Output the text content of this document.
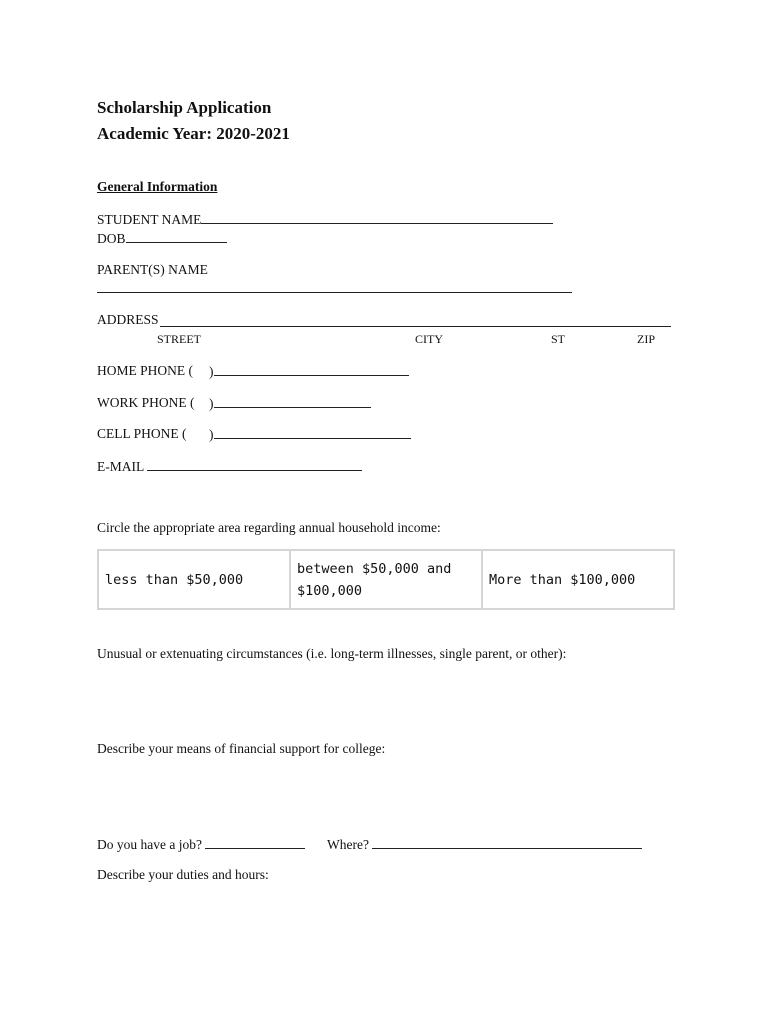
Scholarship Application
Academic Year: 2020-2021
General Information
STUDENT NAME
DOB
PARENT(S) NAME
ADDRESS
STREET	CITY	ST	ZIP
HOME PHONE ( )
WORK PHONE ( )
CELL PHONE ( )
E-MAIL
Circle the appropriate area regarding annual household income:
less than $50,000	between $50,000 and $100,000	More than $100,000
Unusual or extenuating circumstances (i.e. long-term illnesses, single parent, or other):
Describe your means of financial support for college:
Do you have a job?	Where?
Describe your duties and hours:
